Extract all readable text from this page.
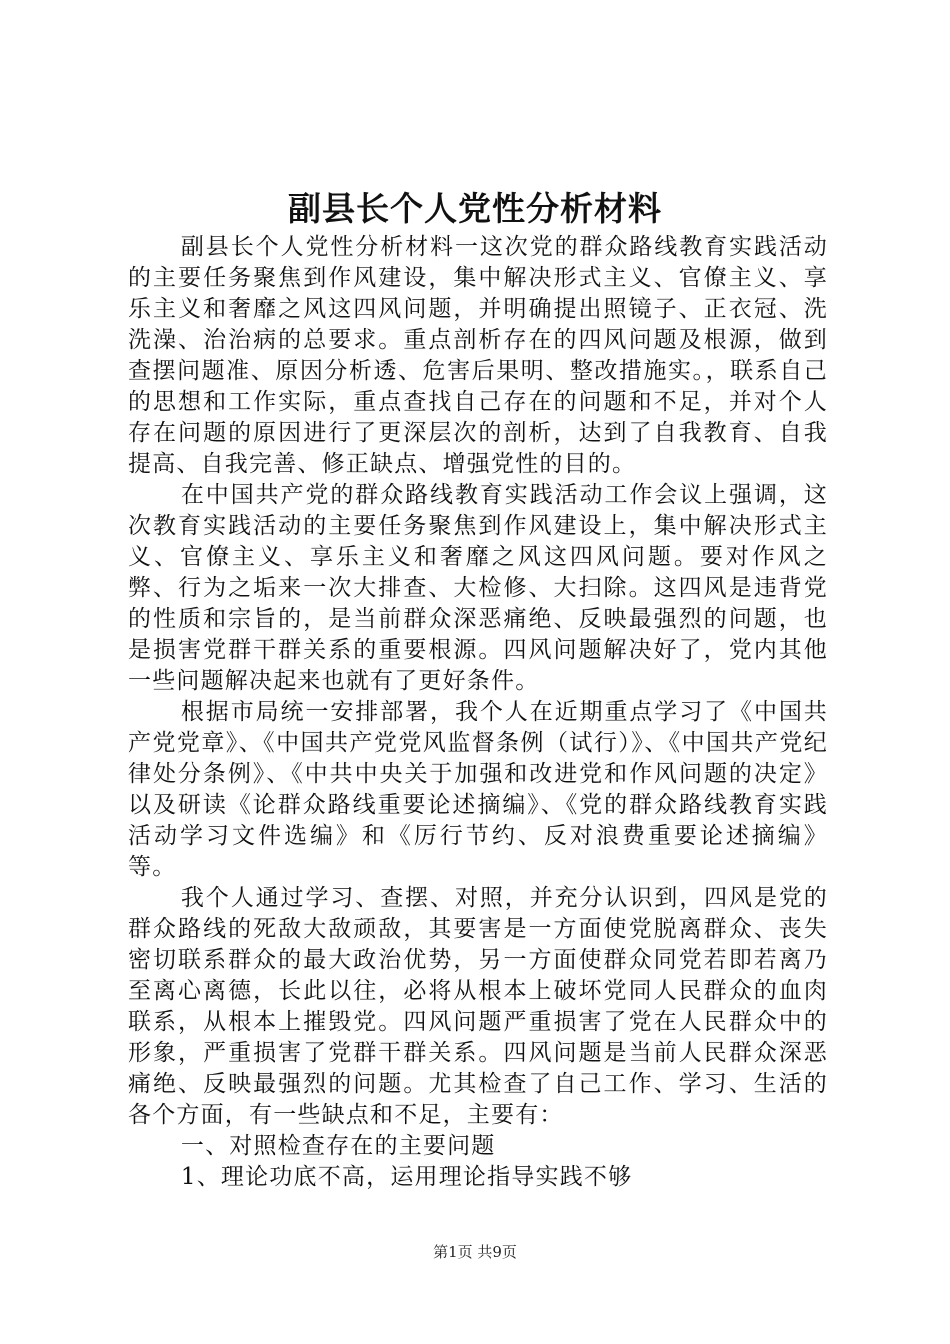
副县长个人党性分析材料

副县长个人党性分析材料一这次党的群众路线教育实践活动的主要任务聚焦到作风建设，集中解决形式主义、官僚主义、享乐主义和奢靡之风这四风问题，并明确提出照镜子、正衣冠、洗洗澡、治治病的总要求。重点剖析存在的四风问题及根源，做到查摆问题准、原因分析透、危害后果明、整改措施实。，联系自己的思想和工作实际，重点查找自己存在的问题和不足，并对个人存在问题的原因进行了更深层次的剖析，达到了自我教育、自我提高、自我完善、修正缺点、增强党性的目的。

在中国共产党的群众路线教育实践活动工作会议上强调，这次教育实践活动的主要任务聚焦到作风建设上，集中解决形式主义、官僚主义、享乐主义和奢靡之风这四风问题。要对作风之弊、行为之垢来一次大排查、大检修、大扫除。这四风是违背党的性质和宗旨的，是当前群众深恶痛绝、反映最强烈的问题，也是损害党群干群关系的重要根源。四风问题解决好了，党内其他一些问题解决起来也就有了更好条件。

根据市局统一安排部署，我个人在近期重点学习了《中国共产党党章》、《中国共产党党风监督条例（试行）》、《中国共产党纪律处分条例》、《中共中央关于加强和改进党和作风问题的决定》以及研读《论群众路线重要论述摘编》、《党的群众路线教育实践活动学习文件选编》和《厉行节约、反对浪费重要论述摘编》等。

我个人通过学习、查摆、对照，并充分认识到，四风是党的群众路线的死敌大敌顽敌，其要害是一方面使党脱离群众、丧失密切联系群众的最大政治优势，另一方面使群众同党若即若离乃至离心离德，长此以往，必将从根本上破坏党同人民群众的血肉联系，从根本上摧毁党。四风问题严重损害了党在人民群众中的形象，严重损害了党群干群关系。四风问题是当前人民群众深恶痛绝、反映最强烈的问题。尤其检查了自己工作、学习、生活的各个方面，有一些缺点和不足，主要有：

一、对照检查存在的主要问题

1、理论功底不高，运用理论指导实践不够

第1页 共9页
